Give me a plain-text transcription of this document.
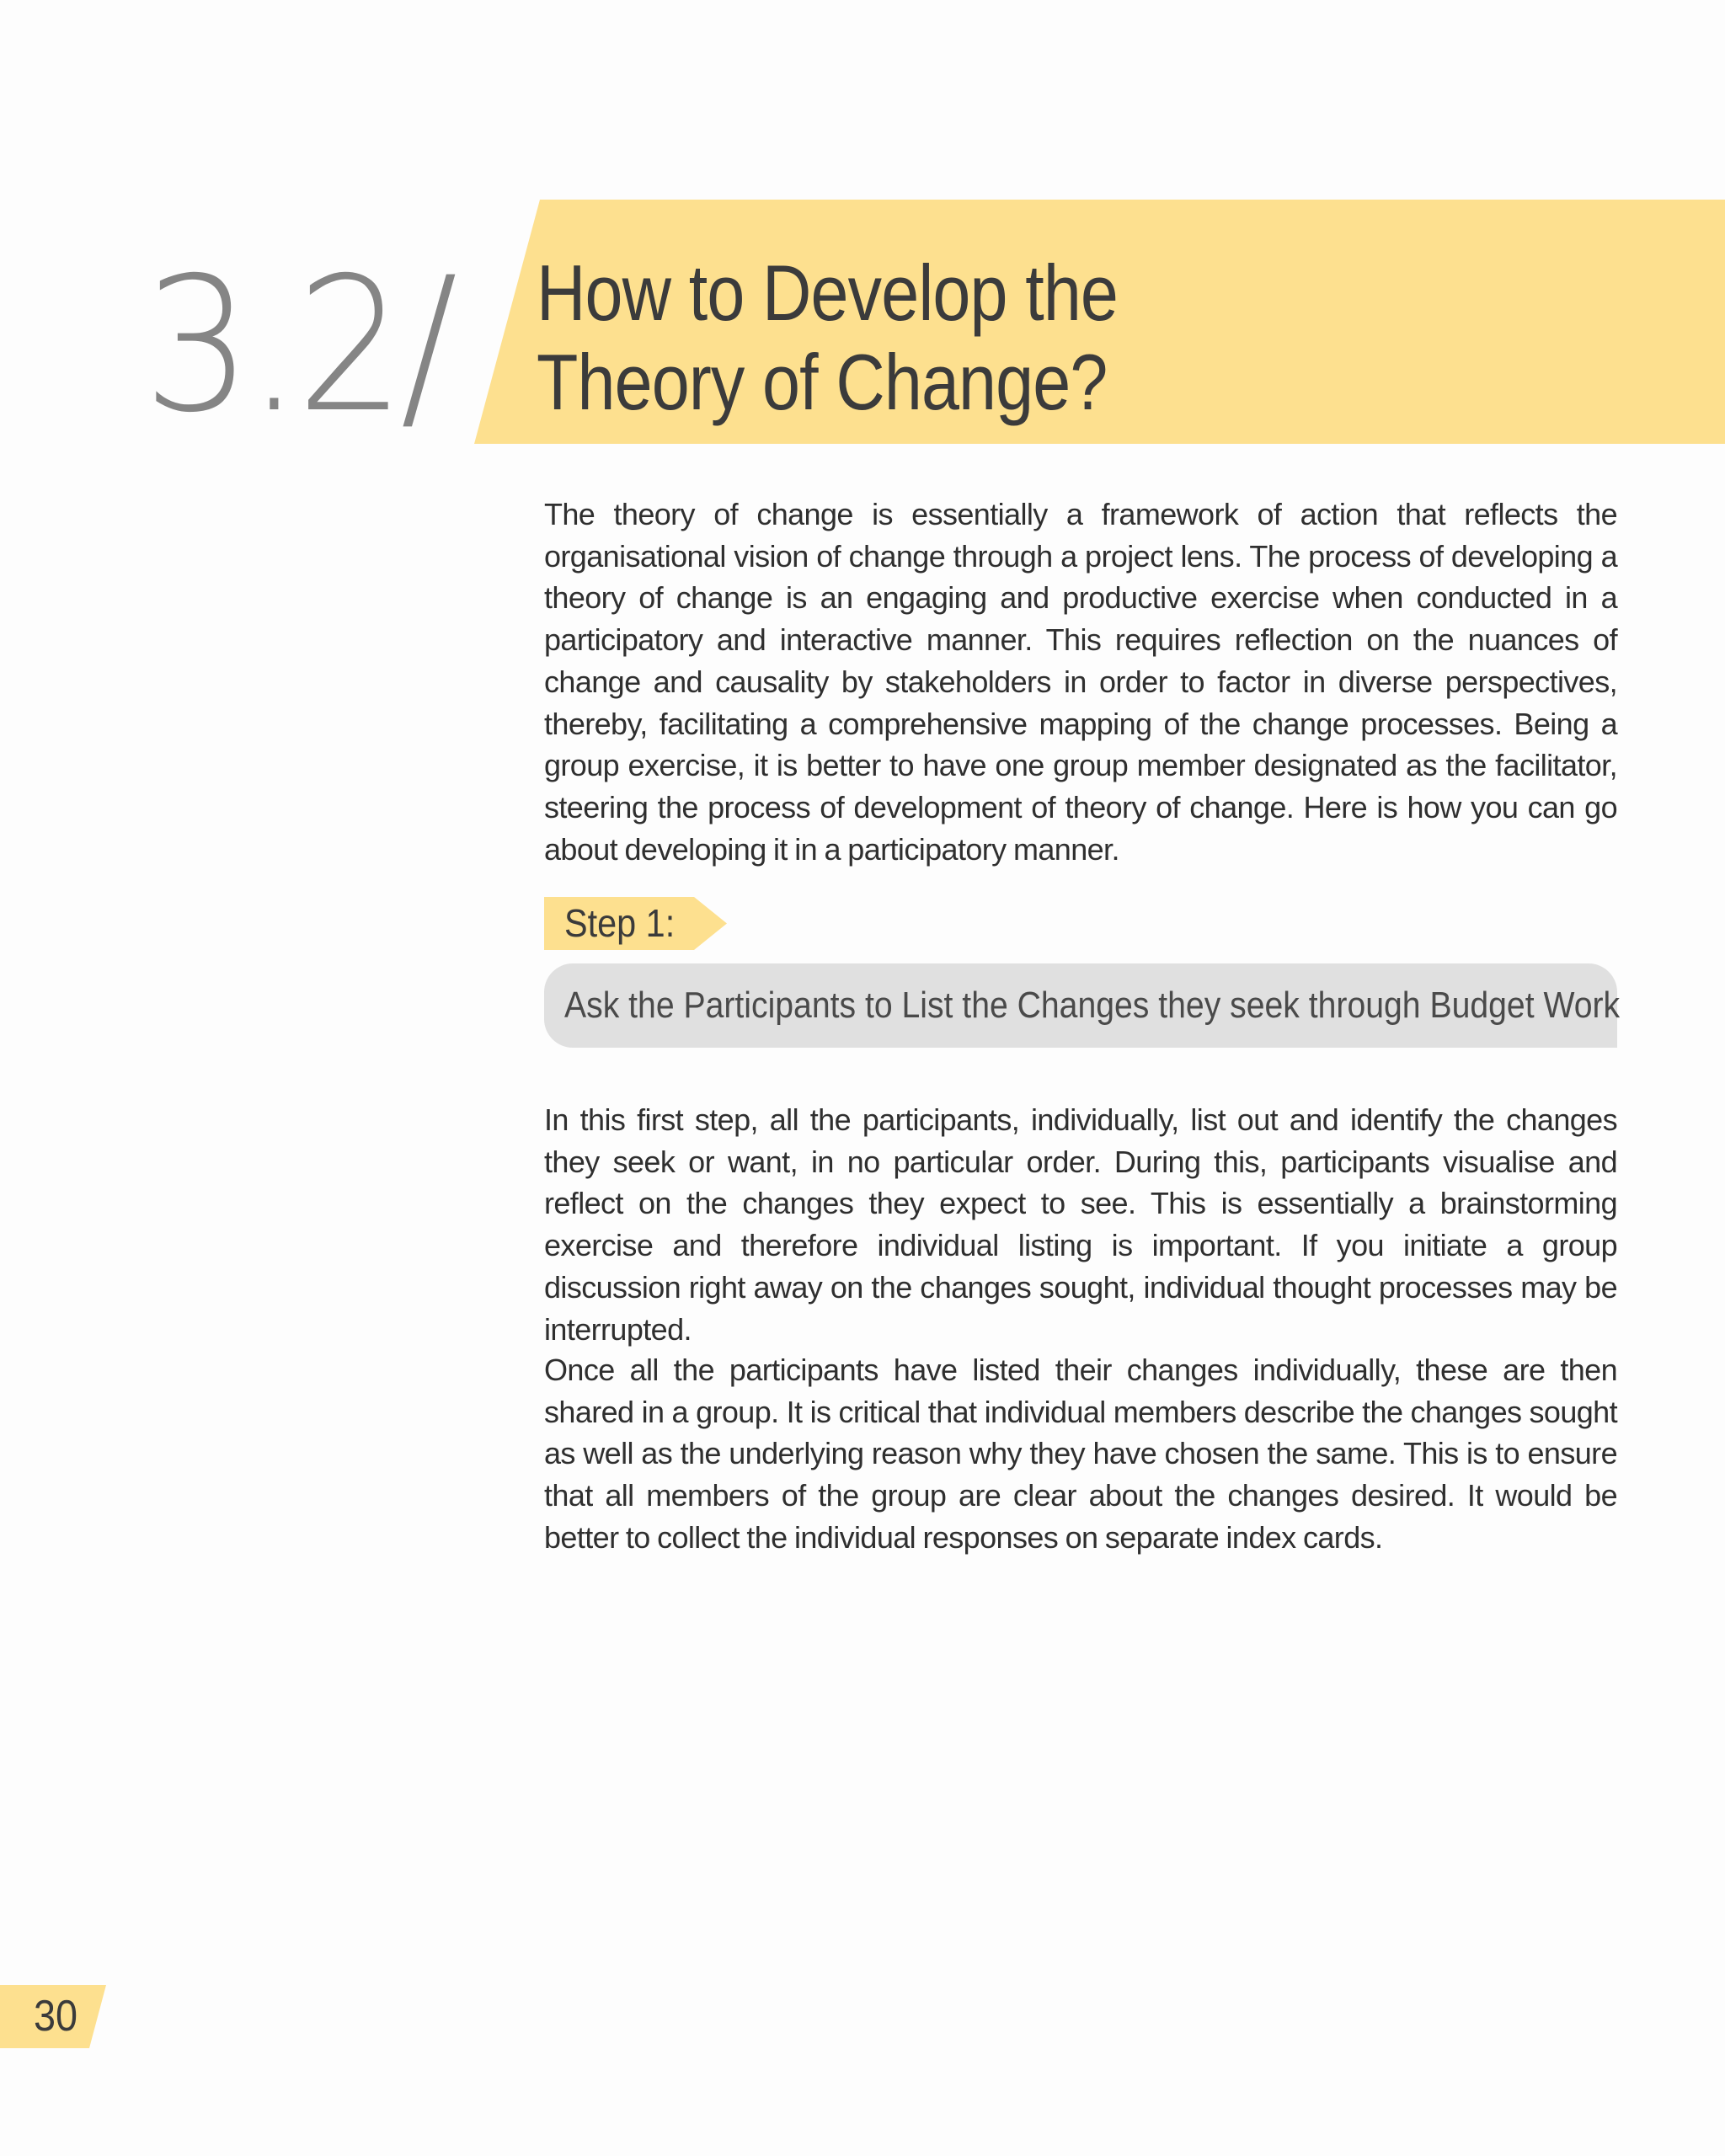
3.2/ How to Develop the
Theory of Change?

The theory of change is essentially a framework of action that reflects the organisational vision of change through a project lens. The process of developing a theory of change is an engaging and productive exercise when conducted in a participatory and interactive manner. This requires reflection on the nuances of change and causality by stakeholders in order to factor in diverse perspectives, thereby, facilitating a comprehensive mapping of the change processes. Being a group exercise, it is better to have one group member designated as the facilitator, steering the process of development of theory of change. Here is how you can go about developing it in a participatory manner.

Step 1:
Ask the Participants to List the Changes they seek through Budget Work

In this first step, all the participants, individually, list out and identify the changes they seek or want, in no particular order. During this, participants visualise and reflect on the changes they expect to see. This is essentially a brainstorming exercise and therefore individual listing is important. If you initiate a group discussion right away on the changes sought, individual thought processes may be interrupted.

Once all the participants have listed their changes individually, these are then shared in a group. It is critical that individual members describe the changes sought as well as the underlying reason why they have chosen the same. This is to ensure that all members of the group are clear about the changes desired. It would be better to collect the individual responses on separate index cards.

30
